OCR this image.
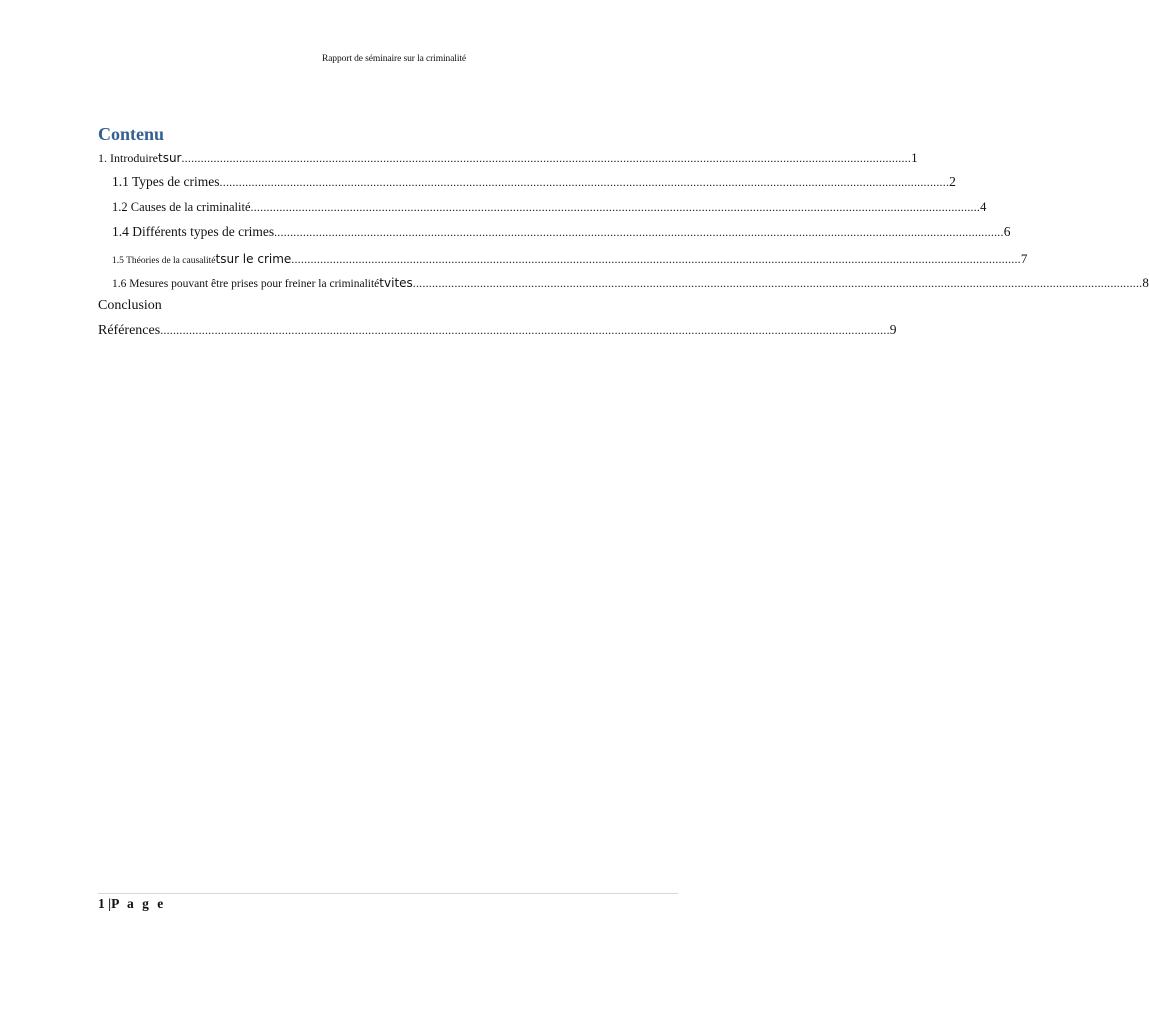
Rapport de séminaire sur la criminalité
Contenu
1. Introduiretsur .................................................................................................................................................................................................................................... 1
1.1 Types de crimes .................................................................................................................................................................................................................................... 2
1.2 Causes de la criminalité .................................................................................................................................................................................................................................... 4
1.4 Différents types de crimes .................................................................................................................................................................................................................................... 6
1.5 Théories de la causalitétsur le crime .................................................................................................................................................................................................................................... 7
1.6 Mesures pouvant être prises pour freiner la criminalitétvites .................................................................................................................................................................................................................................... 8
Conclusion
Références .................................................................................................................................................................................................................................... 9
1 |P a g e
